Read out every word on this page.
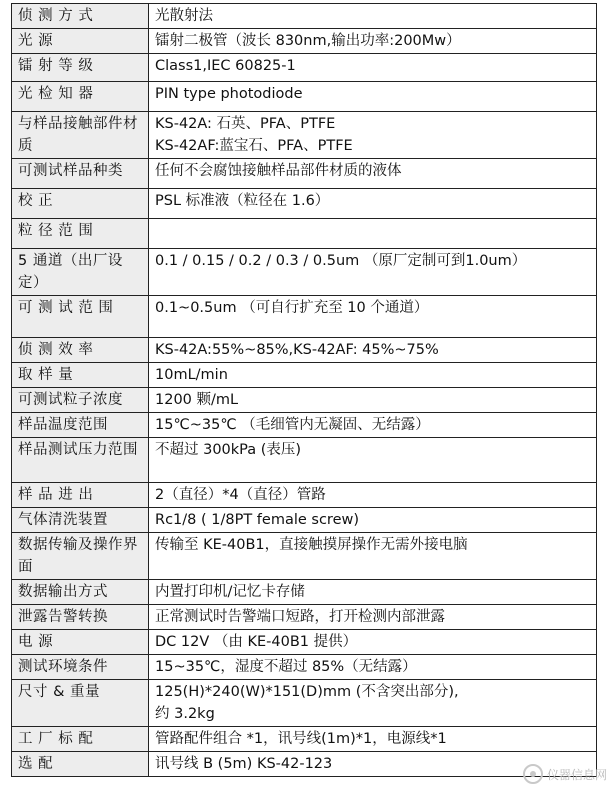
侦 测 方 式	光散射法

光 源	镭射二极管（波长 830nm,输出功率:200Mw）

镭 射 等 级	Class1,IEC 60825-1

光 检 知 器	PIN type photodiode

与样品接触部件材质	KS-42A: 石英、PFA、PTFE
KS-42AF:蓝宝石、PFA、PTFE

可测试样品种类	任何不会腐蚀接触样品部件材质的液体

校 正	PSL 标准液（粒径在 1.6）

粒 径 范 围	

5 通道（出厂设定）	0.1 / 0.15 / 0.2 / 0.3 / 0.5um （原厂定制可到1.0um）

可 测 试 范 围	0.1~0.5um （可自行扩充至 10 个通道）

侦 测 效 率	KS-42A:55%~85%,KS-42AF: 45%~75%

取 样 量	10mL/min

可测试粒子浓度	1200 颗/mL

样品温度范围	15℃~35℃ （毛细管内无凝固、无结露）

样品测试压力范围	不超过 300kPa (表压)

样 品 进 出	2（直径）*4（直径）管路

气体清洗装置	Rc1/8 ( 1/8PT female screw)

数据传输及操作界面	传输至 KE-40B1，直接触摸屏操作无需外接电脑

数据输出方式	内置打印机/记忆卡存储

泄露告警转换	正常测试时告警端口短路，打开检测内部泄露

电 源	DC 12V （由 KE-40B1 提供）

测试环境条件	15~35℃，湿度不超过 85%（无结露）

尺寸 & 重量	125(H)*240(W)*151(D)mm (不含突出部分),
约 3.2kg

工 厂 标 配	管路配件组合 *1，讯号线(1m)*1，电源线*1

选 配	讯号线 B (5m) KS-42-123
仪器信息网
